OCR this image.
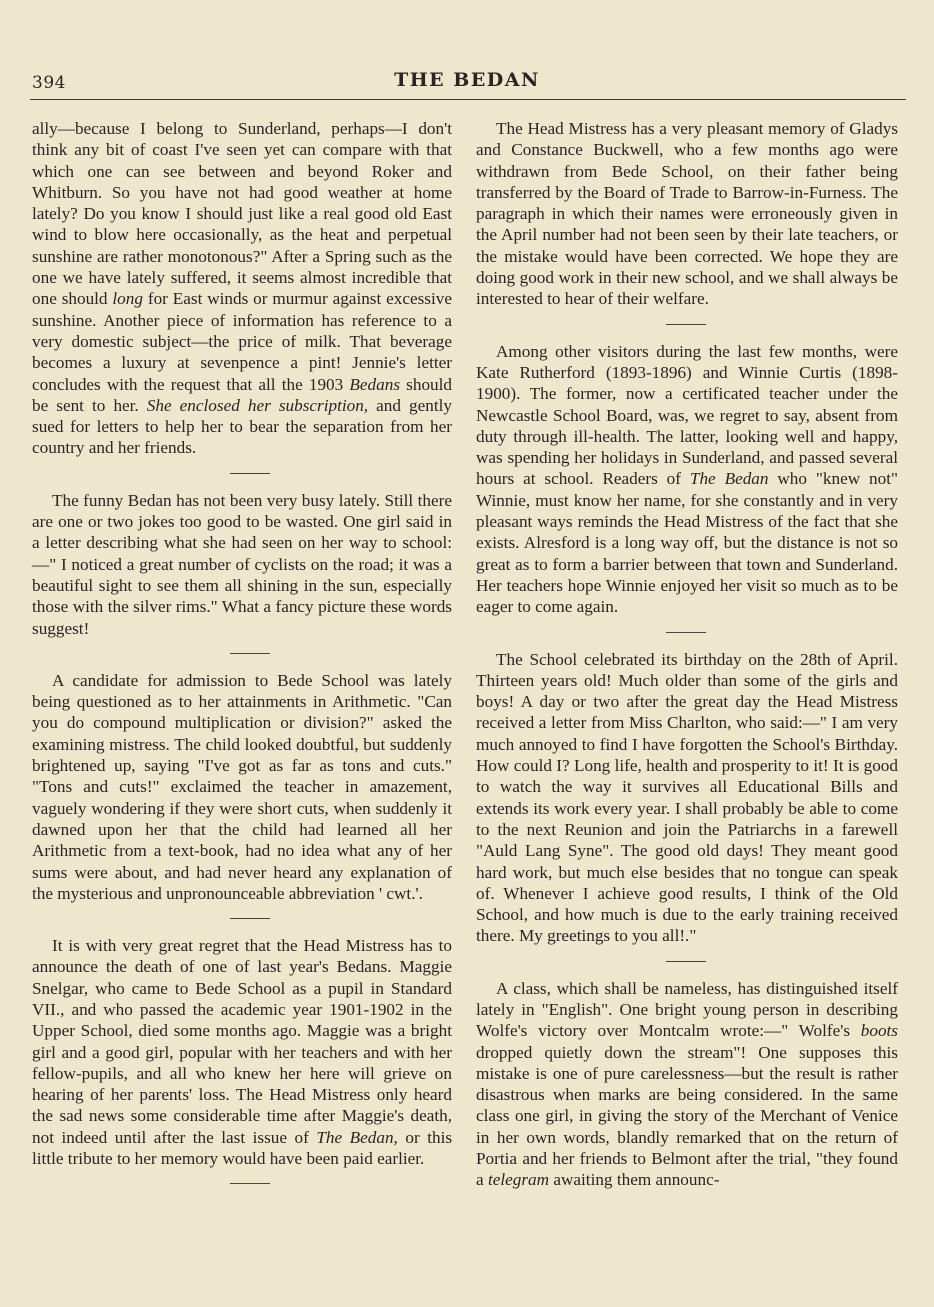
394	THE BEDAN

ally—because I belong to Sunderland, perhaps—I don't think any bit of coast I've seen yet can compare with that which one can see between and beyond Roker and Whitburn. So you have not had good weather at home lately? Do you know I should just like a real good old East wind to blow here occasionally, as the heat and perpetual sunshine are rather monotonous?" After a Spring such as the one we have lately suffered, it seems almost incredible that one should long for East winds or murmur against excessive sunshine. Another piece of information has reference to a very domestic subject—the price of milk. That beverage becomes a luxury at sevenpence a pint! Jennie's letter concludes with the request that all the 1903 Bedans should be sent to her. She enclosed her subscription, and gently sued for letters to help her to bear the separation from her country and her friends.

The funny Bedan has not been very busy lately. Still there are one or two jokes too good to be wasted. One girl said in a letter describing what she had seen on her way to school:—" I noticed a great number of cyclists on the road; it was a beautiful sight to see them all shining in the sun, especially those with the silver rims." What a fancy picture these words suggest!

A candidate for admission to Bede School was lately being questioned as to her attainments in Arithmetic. "Can you do compound multiplication or division?" asked the examining mistress. The child looked doubtful, but suddenly brightened up, saying "I've got as far as tons and cuts." "Tons and cuts!" exclaimed the teacher in amazement, vaguely wondering if they were short cuts, when suddenly it dawned upon her that the child had learned all her Arithmetic from a text-book, had no idea what any of her sums were about, and had never heard any explanation of the mysterious and unpronounceable abbreviation ' cwt.'.

It is with very great regret that the Head Mistress has to announce the death of one of last year's Bedans. Maggie Snelgar, who came to Bede School as a pupil in Standard VII., and who passed the academic year 1901-1902 in the Upper School, died some months ago. Maggie was a bright girl and a good girl, popular with her teachers and with her fellow-pupils, and all who knew her here will grieve on hearing of her parents' loss. The Head Mistress only heard the sad news some considerable time after Maggie's death, not indeed until after the last issue of The Bedan, or this little tribute to her memory would have been paid earlier.

The Head Mistress has a very pleasant memory of Gladys and Constance Buckwell, who a few months ago were withdrawn from Bede School, on their father being transferred by the Board of Trade to Barrow-in-Furness. The paragraph in which their names were erroneously given in the April number had not been seen by their late teachers, or the mistake would have been corrected. We hope they are doing good work in their new school, and we shall always be interested to hear of their welfare.

Among other visitors during the last few months, were Kate Rutherford (1893-1896) and Winnie Curtis (1898-1900). The former, now a certificated teacher under the Newcastle School Board, was, we regret to say, absent from duty through ill-health. The latter, looking well and happy, was spending her holidays in Sunderland, and passed several hours at school. Readers of The Bedan who "knew not" Winnie, must know her name, for she constantly and in very pleasant ways reminds the Head Mistress of the fact that she exists. Alresford is a long way off, but the distance is not so great as to form a barrier between that town and Sunderland. Her teachers hope Winnie enjoyed her visit so much as to be eager to come again.

The School celebrated its birthday on the 28th of April. Thirteen years old! Much older than some of the girls and boys! A day or two after the great day the Head Mistress received a letter from Miss Charlton, who said:—" I am very much annoyed to find I have forgotten the School's Birthday. How could I? Long life, health and prosperity to it! It is good to watch the way it survives all Educational Bills and extends its work every year. I shall probably be able to come to the next Reunion and join the Patriarchs in a farewell "Auld Lang Syne". The good old days! They meant good hard work, but much else besides that no tongue can speak of. Whenever I achieve good results, I think of the Old School, and how much is due to the early training received there. My greetings to you all!."

A class, which shall be nameless, has distinguished itself lately in "English". One bright young person in describing Wolfe's victory over Montcalm wrote:—" Wolfe's boots dropped quietly down the stream"! One supposes this mistake is one of pure carelessness—but the result is rather disastrous when marks are being considered. In the same class one girl, in giving the story of the Merchant of Venice in her own words, blandly remarked that on the return of Portia and her friends to Belmont after the trial, "they found a telegram awaiting them announc-
